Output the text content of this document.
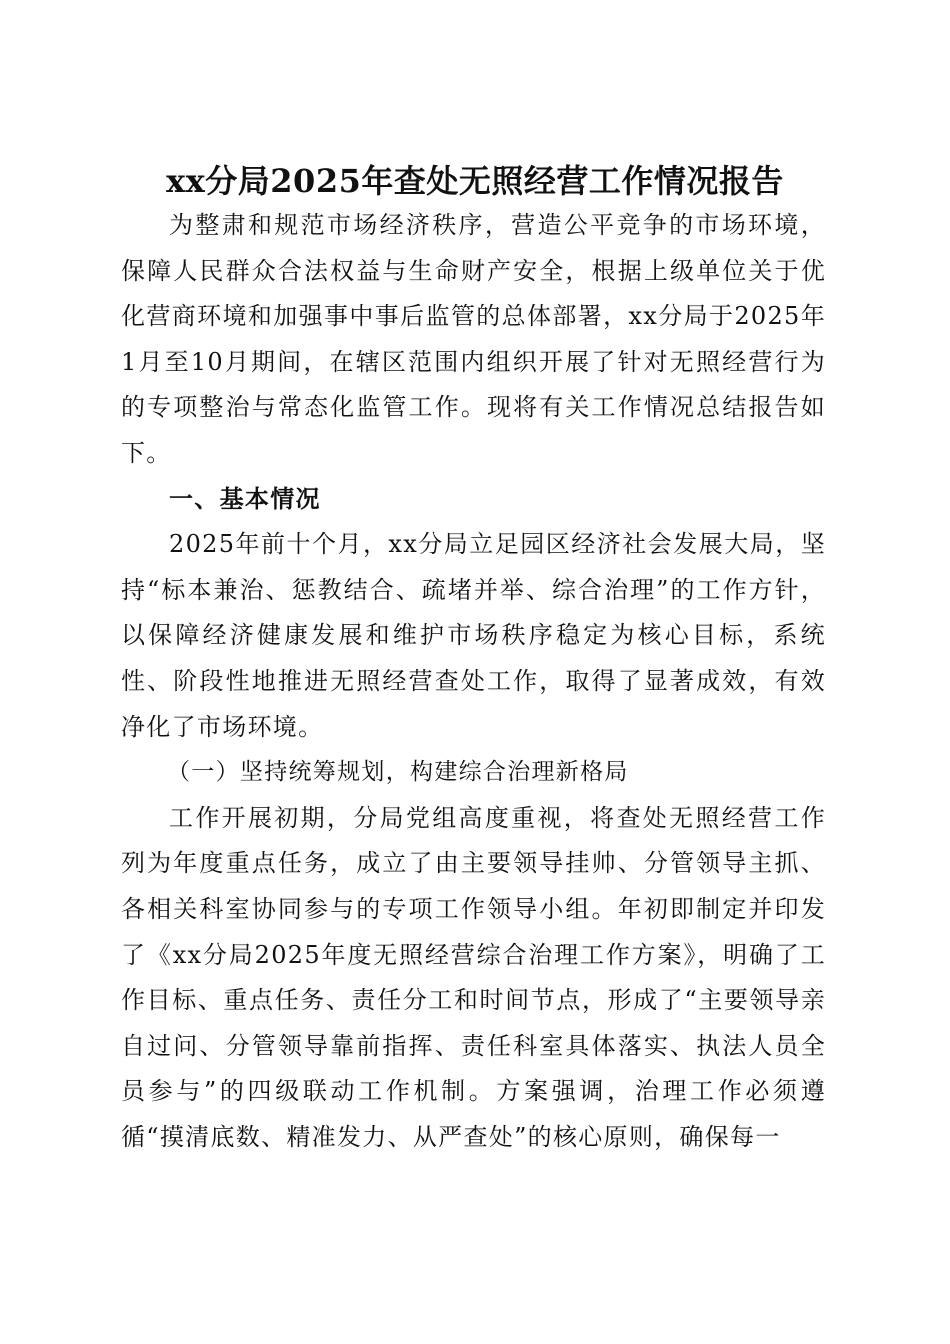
xx分局2025年查处无照经营工作情况报告

为整肃和规范市场经济秩序，营造公平竞争的市场环境，保障人民群众合法权益与生命财产安全，根据上级单位关于优化营商环境和加强事中事后监管的总体部署，xx分局于2025年1月至10月期间，在辖区范围内组织开展了针对无照经营行为的专项整治与常态化监管工作。现将有关工作情况总结报告如下。

一、基本情况

2025年前十个月，xx分局立足园区经济社会发展大局，坚持“标本兼治、惩教结合、疏堵并举、综合治理”的工作方针，以保障经济健康发展和维护市场秩序稳定为核心目标，系统性、阶段性地推进无照经营查处工作，取得了显著成效，有效净化了市场环境。

（一）坚持统筹规划，构建综合治理新格局

工作开展初期，分局党组高度重视，将查处无照经营工作列为年度重点任务，成立了由主要领导挂帅、分管领导主抓、各相关科室协同参与的专项工作领导小组。年初即制定并印发了《xx分局2025年度无照经营综合治理工作方案》，明确了工作目标、重点任务、责任分工和时间节点，形成了“主要领导亲自过问、分管领导靠前指挥、责任科室具体落实、执法人员全员参与”的四级联动工作机制。方案强调，治理工作必须遵循“摸清底数、精准发力、从严查处”的核心原则，确保每一
